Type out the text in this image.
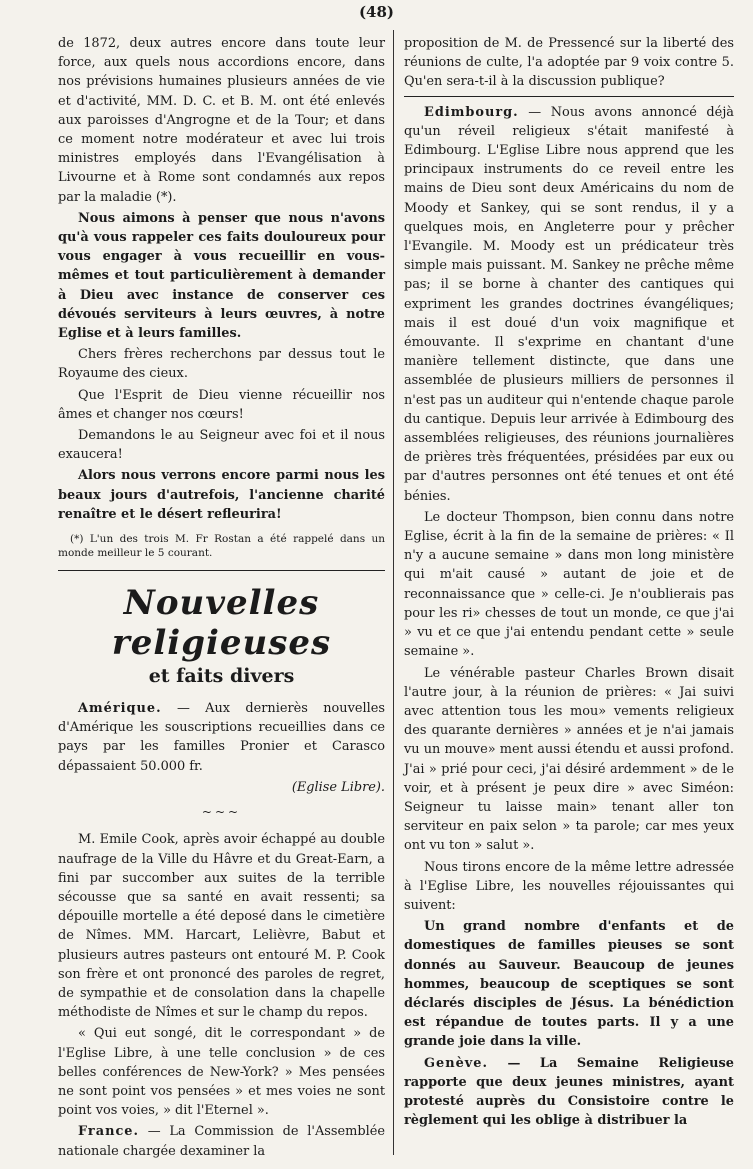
(48)

de 1872, deux autres encore dans toute leur force, aux quels nous accordions encore, dans nos prévisions humaines plusieurs années de vie et d'activité, MM. D. C. et B. M. ont été enlevés aux paroisses d'Angrogne et de la Tour; et dans ce moment notre modérateur et avec lui trois ministres employés dans l'Evangélisation à Livourne et à Rome sont condamnés aux repos par la maladie (*).

Nous aimons à penser que nous n'avons qu'à vous rappeler ces faits douloureux pour vous engager à vous recueillir en vous-mêmes et tout particulièrement à demander à Dieu avec instance de conserver ces dévoués serviteurs à leurs œuvres, à notre Eglise et à leurs familles.

Chers frères recherchons par dessus tout le Royaume des cieux.

Que l'Esprit de Dieu vienne récueillir nos âmes et changer nos cœurs!

Demandons le au Seigneur avec foi et il nous exaucera!

Alors nous verrons encore parmi nous les beaux jours d'autrefois, l'ancienne charité renaître et le désert refleurira!

(*) L'un des trois M. Fr Rostan a été rappelé dans un monde meilleur le 5 courant.
Nouvelles religieuses
et faits divers

Amérique. — Aux dernierès nouvelles d'Amérique les souscriptions recueillies dans ce pays par les familles Pronier et Carasco dépassaient 50.000 fr.

(Eglise Libre).
~~~

M. Emile Cook, après avoir échappé au double naufrage de la Ville du Hâvre et du Great-Earn, a fini par succomber aux suites de la terrible sécousse que sa santé en avait ressenti; sa dépouille mortelle a été deposé dans le cimetière de Nîmes. MM. Harcart, Lelièvre, Babut et plusieurs autres pasteurs ont entouré M. P. Cook son frère et ont prononcé des paroles de regret, de sympathie et de consolation dans la chapelle méthodiste de Nîmes et sur le champ du repos.

« Qui eut songé, dit le correspondant » de l'Eglise Libre, à une telle conclusion » de ces belles conférences de New-York? » Mes pensées ne sont point vos pensées » et mes voies ne sont point vos voies, » dit l'Eternel ».

France. — La Commission de l'Assemblée nationale chargée dexaminer la

proposition de M. de Pressencé sur la liberté des réunions de culte, l'a adoptée par 9 voix contre 5. Qu'en sera-t-il à la discussion publique?

Edimbourg. — Nous avons annoncé déjà qu'un réveil religieux s'était manifesté à Edimbourg. L'Eglise Libre nous apprend que les principaux instruments do ce reveil entre les mains de Dieu sont deux Américains du nom de Moody et Sankey, qui se sont rendus, il y a quelques mois, en Angleterre pour y prêcher l'Evangile. M. Moody est un prédicateur très simple mais puissant. M. Sankey ne prêche même pas; il se borne à chanter des cantiques qui expriment les grandes doctrines évangéliques; mais il est doué d'un voix magnifique et émouvante. Il s'exprime en chantant d'une manière tellement distincte, que dans une assemblée de plusieurs milliers de personnes il n'est pas un auditeur qui n'entende chaque parole du cantique. Depuis leur arrivée à Edimbourg des assemblées religieuses, des réunions journalières de prières très fréquentées, présidées par eux ou par d'autres personnes ont été tenues et ont été bénies.

Le docteur Thompson, bien connu dans notre Eglise, écrit à la fin de la semaine de prières: « Il n'y a aucune semaine » dans mon long ministère qui m'ait causé » autant de joie et de reconnaissance que » celle-ci. Je n'oublierais pas pour les ri» chesses de tout un monde, ce que j'ai » vu et ce que j'ai entendu pendant cette » seule semaine ».

Le vénérable pasteur Charles Brown disait l'autre jour, à la réunion de prières: « Jai suivi avec attention tous les mou» vements religieux des quarante dernières » années et je n'ai jamais vu un mouve» ment aussi étendu et aussi profond. J'ai » prié pour ceci, j'ai désiré ardemment » de le voir, et à présent je peux dire » avec Siméon: Seigneur tu laisse main» tenant aller ton serviteur en paix selon » ta parole; car mes yeux ont vu ton » salut ».

Nous tirons encore de la même lettre adressée à l'Eglise Libre, les nouvelles réjouissantes qui suivent:

Un grand nombre d'enfants et de domestiques de familles pieuses se sont donnés au Sauveur. Beaucoup de jeunes hommes, beaucoup de sceptiques se sont déclarés disciples de Jésus. La bénédiction est répandue de toutes parts. Il y a une grande joie dans la ville.

Genève. — La Semaine Religieuse rapporte que deux jeunes ministres, ayant protesté auprès du Consistoire contre le règlement qui les oblige à distribuer la
